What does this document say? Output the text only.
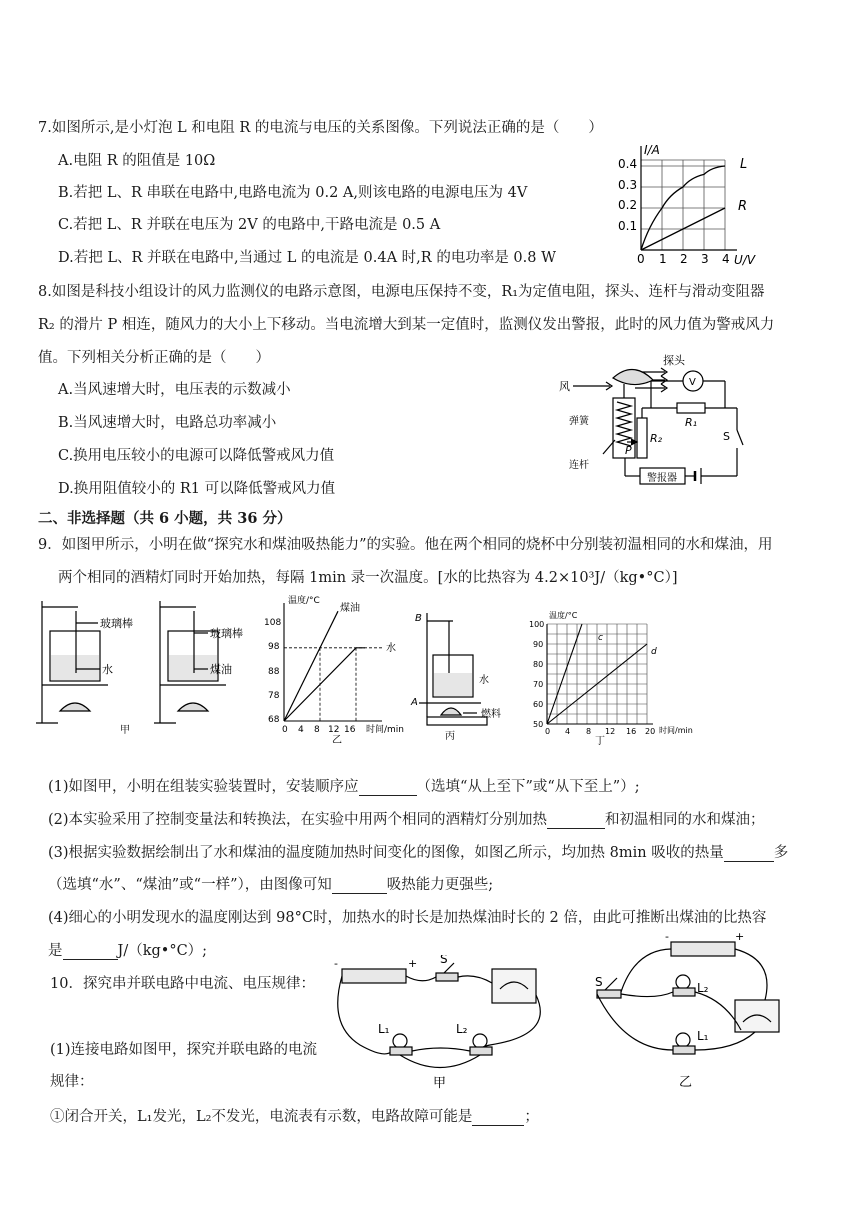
7.如图所示,是小灯泡 L 和电阻 R 的电流与电压的关系图像。下列说法正确的是（　　）
A.电阻 R 的阻值是 10Ω
B.若把 L、R 串联在电路中,电路电流为 0.2 A,则该电路的电源电压为 4V
C.若把 L、R 并联在电压为 2V 的电路中,干路电流是 0.5 A
D.若把 L、R 并联在电路中,当通过 L 的电流是 0.4A 时,R 的电功率是 0.8 W
I/A
U/V
0.4
0.3
0.2
0.1
0 1 2 3 4
L
R
8.如图是科技小组设计的风力监测仪的电路示意图，电源电压保持不变，R₁为定值电阻，探头、连杆与滑动变阻器
R₂ 的滑片 P 相连，随风力的大小上下移动。当电流增大到某一定值时，监测仪发出警报，此时的风力值为警戒风力
值。下列相关分析正确的是（　　）
A.当风速增大时，电压表的示数减小
B.当风速增大时，电路总功率减小
C.换用电压较小的电源可以降低警戒风力值
D.换用阻值较小的 R1 可以降低警戒风力值
探头
风
弹簧
连杆
警报器
V
R₁
R₂
P
S
二、非选择题（共 6 小题，共 36 分）
9．如图甲所示，小明在做“探究水和煤油吸热能力”的实验。他在两个相同的烧杯中分别装初温相同的水和煤油，用
两个相同的酒精灯同时开始加热，每隔 1min 录一次温度。[水的比热容为 4.2×10³J/（kg•°C）]
玻璃棒
水
玻璃棒
煤油
甲
温度/°C
时间/min
108
98
88
78
68
0 4 8 12 16
煤油
水
乙
B
A
水
燃料
丙
温度/°C
时间/min
100
90
80
70
60
50
0 4 8 12 16 20
c
d
丁
(1)如图甲，小明在组装实验装置时，安装顺序应	（选填“从上至下”或“从下至上”）;
(2)本实验采用了控制变量法和转换法，在实验中用两个相同的酒精灯分别加热	和初温相同的水和煤油；
(3)根据实验数据绘制出了水和煤油的温度随加热时间变化的图像，如图乙所示，均加热 8min 吸收的热量	多
（选填“水”、“煤油”或“一样”），由图像可知	吸热能力更强些;
(4)细心的小明发现水的温度刚达到 98°C时，加热水的时长是加热煤油时长的 2 倍，由此可推断出煤油的比热容
是	J/（kg•°C）;
10．探究串并联电路中电流、电压规律：
(1)连接电路如图甲，探究并联电路的电流
规律：
①闭合开关，L₁发光，L₂不发光，电流表有示数，电路故障可能是	；
-	+ S
L₁	L₂
甲
-	+
S	L₂
L₁
乙
